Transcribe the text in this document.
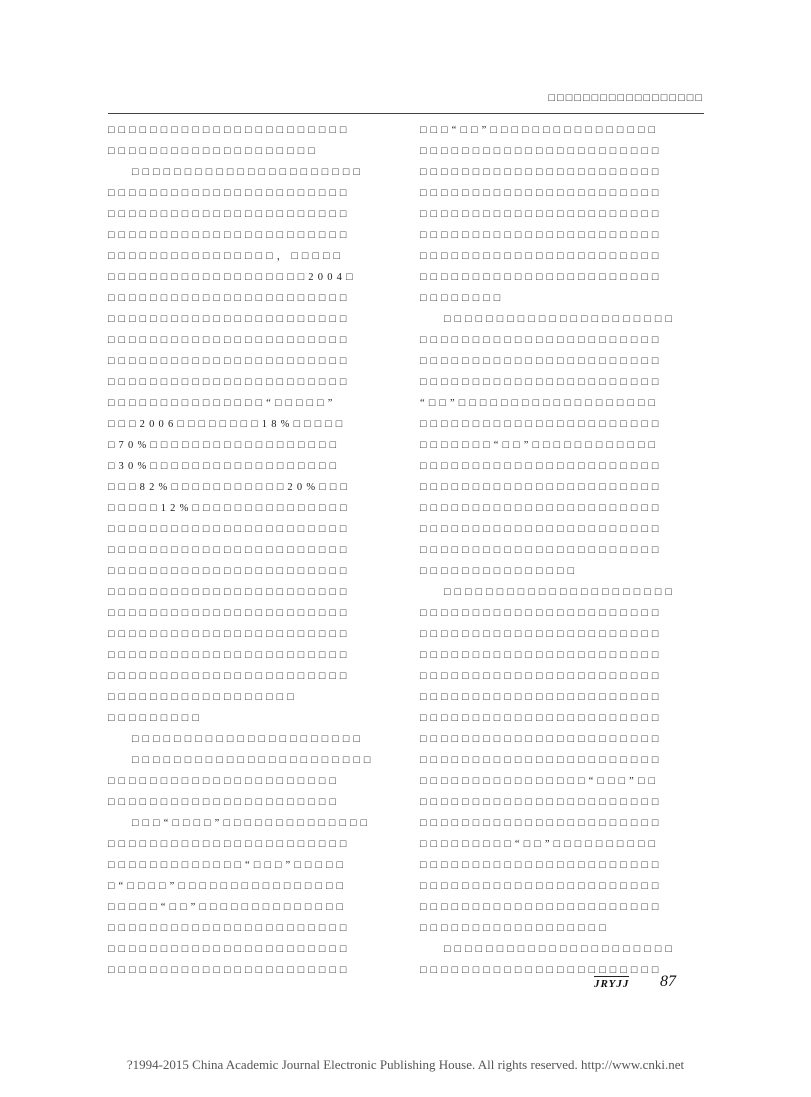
□□□□□□□□□□□□□□□□□□
□□□□□□□□□□□□□□□□□□□□□□□
□□□□□□□□□□□□□□□□□□□□
□□□□□□□□□□□□□□□□□□□□□□
□□□□□□□□□□□□□□□□□□□□□□□
□□□□□□□□□□□□□□□□□□□□□□□
□□□□□□□□□□□□□□□□□□□□□□□
□□□□□□□□□□□□□□□□，□□□□□
□□□□□□□□□□□□□□□□□□□2004□
□□□□□□□□□□□□□□□□□□□□□□□
□□□□□□□□□□□□□□□□□□□□□□□
□□□□□□□□□□□□□□□□□□□□□□□
□□□□□□□□□□□□□□□□□□□□□□□
□□□□□□□□□□□□□□□□□□□□□□□
□□□□□□□□□□□□□□□“□□□□□”
□□□2006□□□□□□□□18%□□□□□
□70%□□□□□□□□□□□□□□□□□□
□30%□□□□□□□□□□□□□□□□□□
□□□82%□□□□□□□□□□□20%□□□
□□□□□12%□□□□□□□□□□□□□□□
□□□□□□□□□□□□□□□□□□□□□□□
□□□□□□□□□□□□□□□□□□□□□□□
□□□□□□□□□□□□□□□□□□□□□□□
□□□□□□□□□□□□□□□□□□□□□□□
□□□□□□□□□□□□□□□□□□□□□□□
□□□□□□□□□□□□□□□□□□□□□□□
□□□□□□□□□□□□□□□□□□□□□□□
□□□□□□□□□□□□□□□□□□□□□□□
□□□□□□□□□□□□□□□□□□
□□□□□□□□□
□□□□□□□□□□□□□□□□□□□□□□
□□□□□□□□□□□□□□□□□□□□□□□
□□□□□□□□□□□□□□□□□□□□□□
□□□□□□□□□□□□□□□□□□□□□□
□□□“□□□□”□□□□□□□□□□□□□□
□□□□□□□□□□□□□□□□□□□□□□□
□□□□□□□□□□□□□“□□□”□□□□□
□“□□□□”□□□□□□□□□□□□□□□□
□□□□□“□□”□□□□□□□□□□□□□□
□□□□□□□□□□□□□□□□□□□□□□□
□□□□□□□□□□□□□□□□□□□□□□□
□□□□□□□□□□□□□□□□□□□□□□□
□□□“□□”□□□□□□□□□□□□□□□□
□□□□□□□□□□□□□□□□□□□□□□□
□□□□□□□□□□□□□□□□□□□□□□□
□□□□□□□□□□□□□□□□□□□□□□□
□□□□□□□□□□□□□□□□□□□□□□□
□□□□□□□□□□□□□□□□□□□□□□□
□□□□□□□□□□□□□□□□□□□□□□□
□□□□□□□□□□□□□□□□□□□□□□□
□□□□□□□□
□□□□□□□□□□□□□□□□□□□□□□
□□□□□□□□□□□□□□□□□□□□□□□
□□□□□□□□□□□□□□□□□□□□□□□
□□□□□□□□□□□□□□□□□□□□□□□
“□□”□□□□□□□□□□□□□□□□□□□
□□□□□□□□□□□□□□□□□□□□□□□
□□□□□□□“□□”□□□□□□□□□□□□
□□□□□□□□□□□□□□□□□□□□□□□
□□□□□□□□□□□□□□□□□□□□□□□
□□□□□□□□□□□□□□□□□□□□□□□
□□□□□□□□□□□□□□□□□□□□□□□
□□□□□□□□□□□□□□□□□□□□□□□
□□□□□□□□□□□□□□□
□□□□□□□□□□□□□□□□□□□□□□
□□□□□□□□□□□□□□□□□□□□□□□
□□□□□□□□□□□□□□□□□□□□□□□
□□□□□□□□□□□□□□□□□□□□□□□
□□□□□□□□□□□□□□□□□□□□□□□
□□□□□□□□□□□□□□□□□□□□□□□
□□□□□□□□□□□□□□□□□□□□□□□
□□□□□□□□□□□□□□□□□□□□□□□
□□□□□□□□□□□□□□□□□□□□□□□
□□□□□□□□□□□□□□□□“□□□”□□
□□□□□□□□□□□□□□□□□□□□□□□
□□□□□□□□□□□□□□□□□□□□□□□
□□□□□□□□□“□□”□□□□□□□□□□
□□□□□□□□□□□□□□□□□□□□□□□
□□□□□□□□□□□□□□□□□□□□□□□
□□□□□□□□□□□□□□□□□□□□□□□
□□□□□□□□□□□□□□□□□□
□□□□□□□□□□□□□□□□□□□□□□
□□□□□□□□□□□□□□□□□□□□□□□
JRYJJ 87
?1994-2015 China Academic Journal Electronic Publishing House. All rights reserved. http://www.cnki.net
